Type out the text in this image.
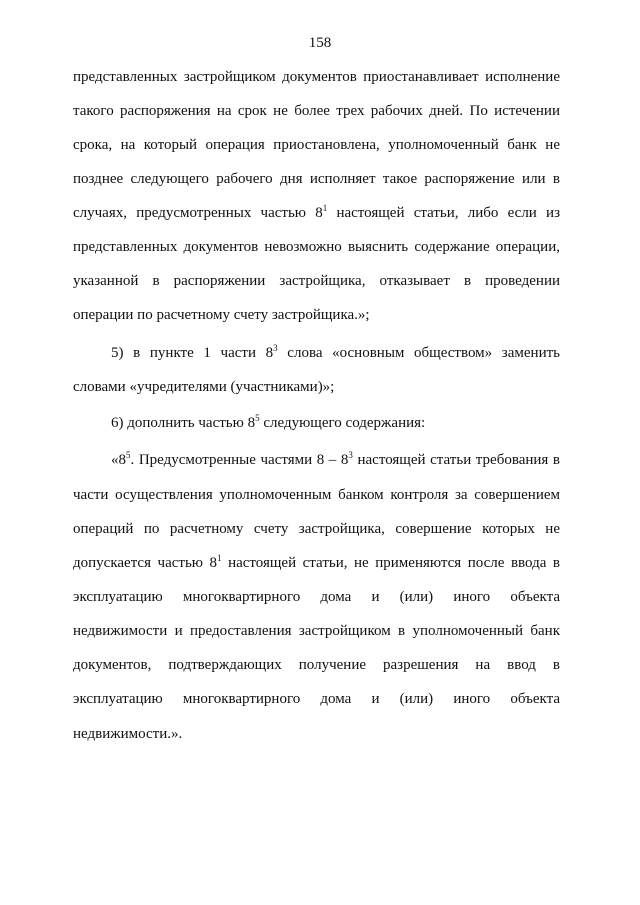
158
представленных застройщиком документов приостанавливает исполнение
такого распоряжения на срок не более трех рабочих дней. По истечении
срока, на который операция приостановлена, уполномоченный банк не
позднее следующего рабочего дня исполняет такое распоряжение или в
случаях, предусмотренных частью $8^1$ настоящей статьи, либо если из
представленных документов невозможно выяснить содержание операции,
указанной в распоряжении застройщика, отказывает в проведении
операции по расчетному счету застройщика.»;
5) в пункте 1 части $8^3$ слова «основным обществом» заменить
словами «учредителями (участниками)»;
6) дополнить частью $8^5$ следующего содержания:
«$8^5$. Предусмотренные частями $8 - 8^3$ настоящей статьи требования в
части осуществления уполномоченным банком контроля за совершением
операций по расчетному счету застройщика, совершение которых не
допускается частью $8^1$ настоящей статьи, не применяются после ввода в
эксплуатацию многоквартирного дома и (или) иного объекта
недвижимости и предоставления застройщиком в уполномоченный банк
документов, подтверждающих получение разрешения на ввод в
эксплуатацию многоквартирного дома и (или) иного объекта
недвижимости.».
